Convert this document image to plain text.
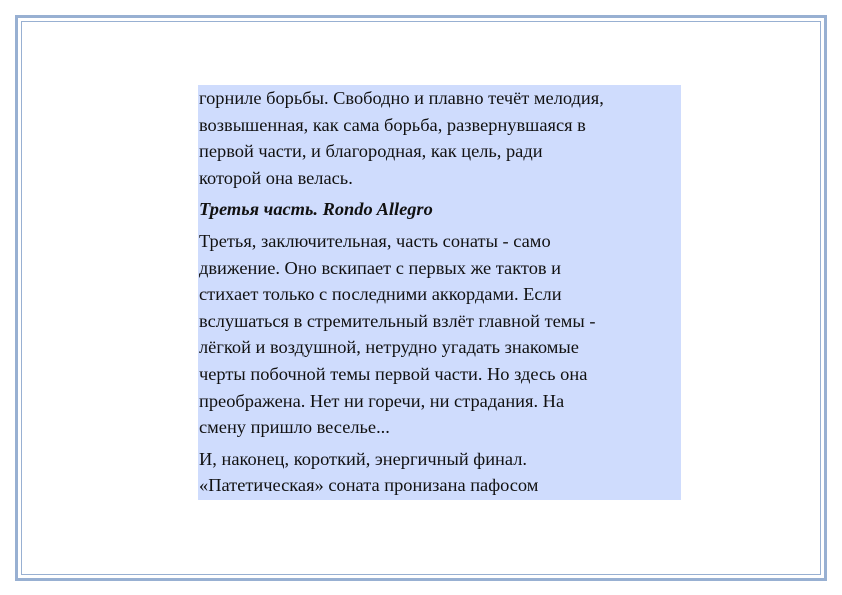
горниле борьбы. Свободно и плавно течёт мелодия,
возвышенная, как сама борьба, развернувшаяся в
первой части, и благородная, как цель, ради
которой она велась.

Третья часть. Rondo Allegro

Третья, заключительная, часть сонаты - само
движение. Оно вскипает с первых же тактов и
стихает только с последними аккордами. Если
вслушаться в стремительный взлёт главной темы -
лёгкой и воздушной, нетрудно угадать знакомые
черты побочной темы первой части. Но здесь она
преображена. Нет ни горечи, ни страдания. На
смену пришло веселье...

И, наконец, короткий, энергичный финал.
«Патетическая» соната пронизана пафосом
